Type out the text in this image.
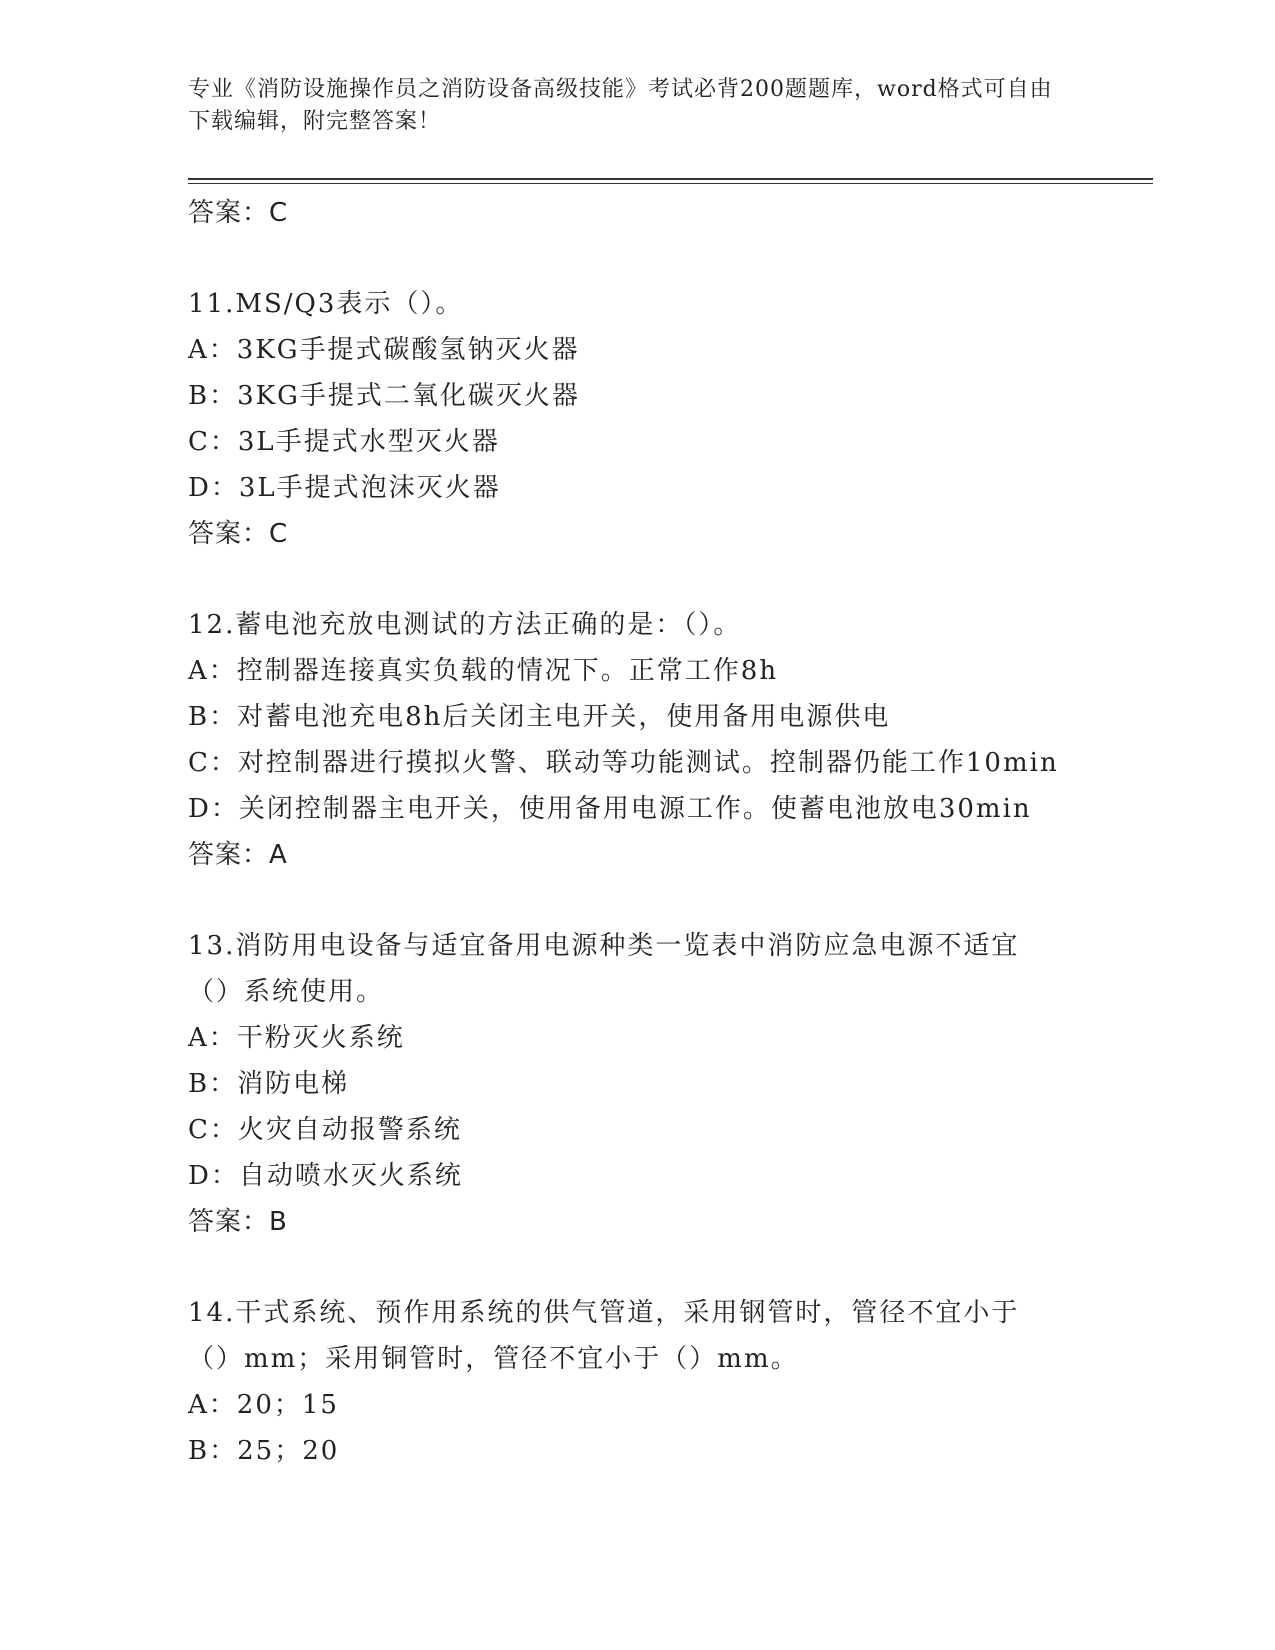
专业《消防设施操作员之消防设备高级技能》考试必背200题题库，word格式可自由下载编辑，附完整答案！
答案：C
11.MS/Q3表示（）。
A：3KG手提式碳酸氢钠灭火器
B：3KG手提式二氧化碳灭火器
C：3L手提式水型灭火器
D：3L手提式泡沫灭火器
答案：C
12.蓄电池充放电测试的方法正确的是：（）。
A：控制器连接真实负载的情况下。正常工作8h
B：对蓄电池充电8h后关闭主电开关，使用备用电源供电
C：对控制器进行摸拟火警、联动等功能测试。控制器仍能工作10min
D：关闭控制器主电开关，使用备用电源工作。使蓄电池放电30min
答案：A
13.消防用电设备与适宜备用电源种类一览表中消防应急电源不适宜（）系统使用。
A：干粉灭火系统
B：消防电梯
C：火灾自动报警系统
D：自动喷水灭火系统
答案：B
14.干式系统、预作用系统的供气管道，采用钢管时，管径不宜小于（）mm；采用铜管时，管径不宜小于（）mm。
A：20；15
B：25；20
